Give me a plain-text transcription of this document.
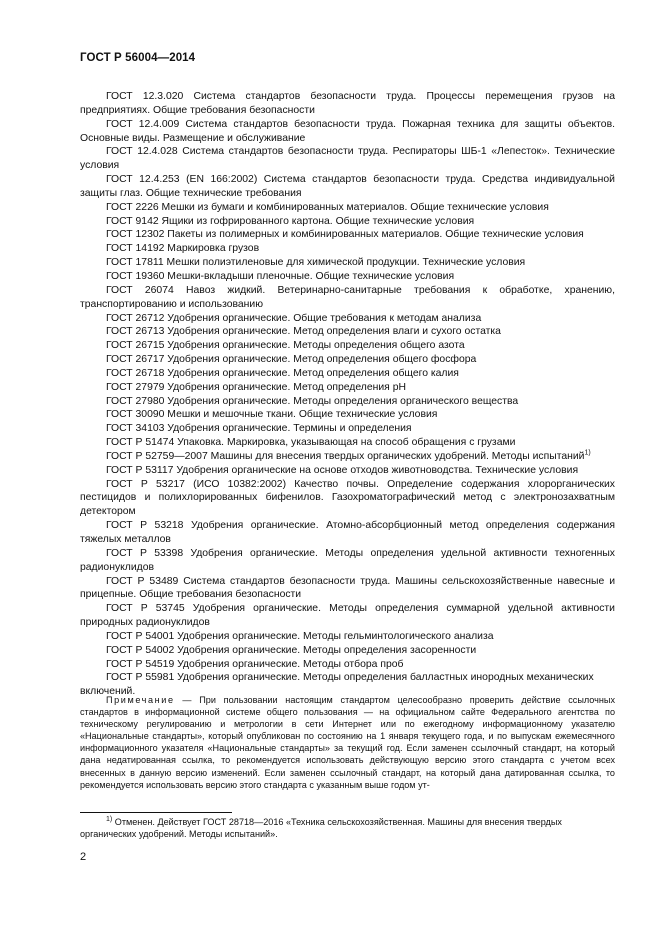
ГОСТ Р 56004—2014

ГОСТ 12.3.020 Система стандартов безопасности труда. Процессы перемещения грузов на предприятиях. Общие требования безопасности

ГОСТ 12.4.009 Система стандартов безопасности труда. Пожарная техника для защиты объектов. Основные виды. Размещение и обслуживание

ГОСТ 12.4.028 Система стандартов безопасности труда. Респираторы ШБ-1 «Лепесток». Технические условия

ГОСТ 12.4.253 (EN 166:2002) Система стандартов безопасности труда. Средства индивидуальной защиты глаз. Общие технические требования

ГОСТ 2226 Мешки из бумаги и комбинированных материалов. Общие технические условия

ГОСТ 9142 Ящики из гофрированного картона. Общие технические условия

ГОСТ 12302 Пакеты из полимерных и комбинированных материалов. Общие технические условия

ГОСТ 14192 Маркировка грузов

ГОСТ 17811 Мешки полиэтиленовые для химической продукции. Технические условия

ГОСТ 19360 Мешки-вкладыши пленочные. Общие технические условия

ГОСТ 26074 Навоз жидкий. Ветеринарно-санитарные требования к обработке, хранению, транспортированию и использованию

ГОСТ 26712 Удобрения органические. Общие требования к методам анализа

ГОСТ 26713 Удобрения органические. Метод определения влаги и сухого остатка

ГОСТ 26715 Удобрения органические. Методы определения общего азота

ГОСТ 26717 Удобрения органические. Метод определения общего фосфора

ГОСТ 26718 Удобрения органические. Метод определения общего калия

ГОСТ 27979 Удобрения органические. Метод определения pH

ГОСТ 27980 Удобрения органические. Методы определения органического вещества

ГОСТ 30090 Мешки и мешочные ткани. Общие технические условия

ГОСТ 34103 Удобрения органические. Термины и определения

ГОСТ Р 51474 Упаковка. Маркировка, указывающая на способ обращения с грузами

ГОСТ Р 52759—2007 Машины для внесения твердых органических удобрений. Методы испытаний$^{1)}$

ГОСТ Р 53117 Удобрения органические на основе отходов животноводства. Технические условия

ГОСТ Р 53217 (ИСО 10382:2002) Качество почвы. Определение содержания хлорорганических пестицидов и полихлорированных бифенилов. Газохроматографический метод с электронозахватным детектором

ГОСТ Р 53218 Удобрения органические. Атомно-абсорбционный метод определения содержания тяжелых металлов

ГОСТ Р 53398 Удобрения органические. Методы определения удельной активности техногенных радионуклидов

ГОСТ Р 53489 Система стандартов безопасности труда. Машины сельскохозяйственные навесные и прицепные. Общие требования безопасности

ГОСТ Р 53745 Удобрения органические. Методы определения суммарной удельной активности природных радионуклидов

ГОСТ Р 54001 Удобрения органические. Методы гельминтологического анализа

ГОСТ Р 54002 Удобрения органические. Методы определения засоренности

ГОСТ Р 54519 Удобрения органические. Методы отбора проб

ГОСТ Р 55981 Удобрения органические. Методы определения балластных инородных механических включений.

Примечание — При пользовании настоящим стандартом целесообразно проверить действие ссылочных стандартов в информационной системе общего пользования — на официальном сайте Федерального агентства по техническому регулированию и метрологии в сети Интернет или по ежегодному информационному указателю «Национальные стандарты», который опубликован по состоянию на 1 января текущего года, и по выпускам ежемесячного информационного указателя «Национальные стандарты» за текущий год. Если заменен ссылочный стандарт, на который дана недатированная ссылка, то рекомендуется использовать действующую версию этого стандарта с учетом всех внесенных в данную версию изменений. Если заменен ссылочный стандарт, на который дана датированная ссылка, то рекомендуется использовать версию этого стандарта с указанным выше годом ут-

$^{1)}$ Отменен. Действует ГОСТ 28718—2016 «Техника сельскохозяйственная. Машины для внесения твердых органических удобрений. Методы испытаний».

2
